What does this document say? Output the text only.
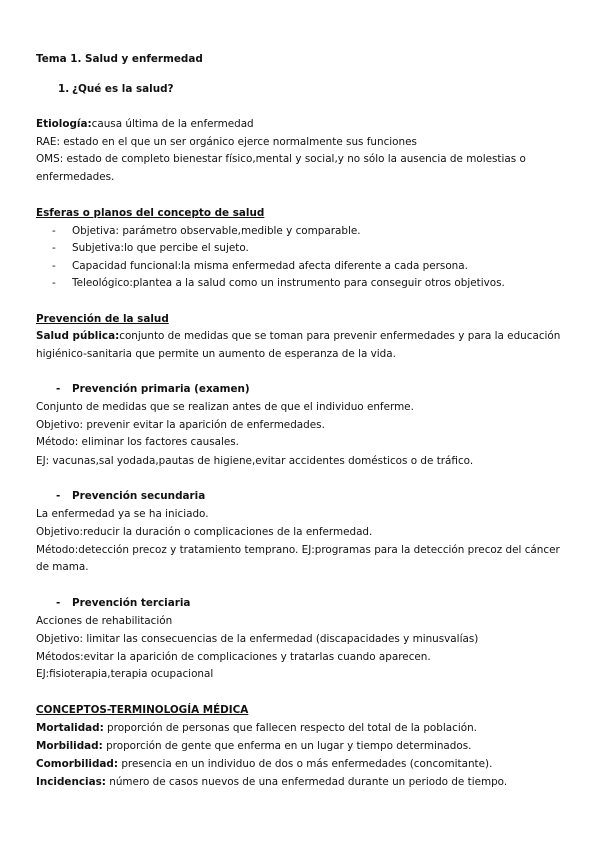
Tema 1. Salud y enfermedad
1. ¿Qué es la salud?
Etiología:causa última de la enfermedad
RAE: estado en el que un ser orgánico ejerce normalmente sus funciones
OMS: estado de completo bienestar físico,mental y social,y no sólo la ausencia de molestias o
enfermedades.
Esferas o planos del concepto de salud
- Objetiva: parámetro observable,medible y comparable.
- Subjetiva:lo que percibe el sujeto.
- Capacidad funcional:la misma enfermedad afecta diferente a cada persona.
- Teleológico:plantea a la salud como un instrumento para conseguir otros objetivos.
Prevención de la salud
Salud pública:conjunto de medidas que se toman para prevenir enfermedades y para la educación
higiénico-sanitaria que permite un aumento de esperanza de la vida.
- Prevención primaria (examen)
Conjunto de medidas que se realizan antes de que el individuo enferme.
Objetivo: prevenir evitar la aparición de enfermedades.
Método: eliminar los factores causales.
EJ: vacunas,sal yodada,pautas de higiene,evitar accidentes domésticos o de tráfico.
- Prevención secundaria
La enfermedad ya se ha iniciado.
Objetivo:reducir la duración o complicaciones de la enfermedad.
Método:detección precoz y tratamiento temprano. EJ:programas para la detección precoz del cáncer
de mama.
- Prevención terciaria
Acciones de rehabilitación
Objetivo: limitar las consecuencias de la enfermedad (discapacidades y minusvalías)
Métodos:evitar la aparición de complicaciones y tratarlas cuando aparecen.
EJ:fisioterapia,terapia ocupacional
CONCEPTOS-TERMINOLOGÍA MÉDICA
Mortalidad: proporción de personas que fallecen respecto del total de la población.
Morbilidad: proporción de gente que enferma en un lugar y tiempo determinados.
Comorbilidad: presencia en un individuo de dos o más enfermedades (concomitante).
Incidencias: número de casos nuevos de una enfermedad durante un periodo de tiempo.
